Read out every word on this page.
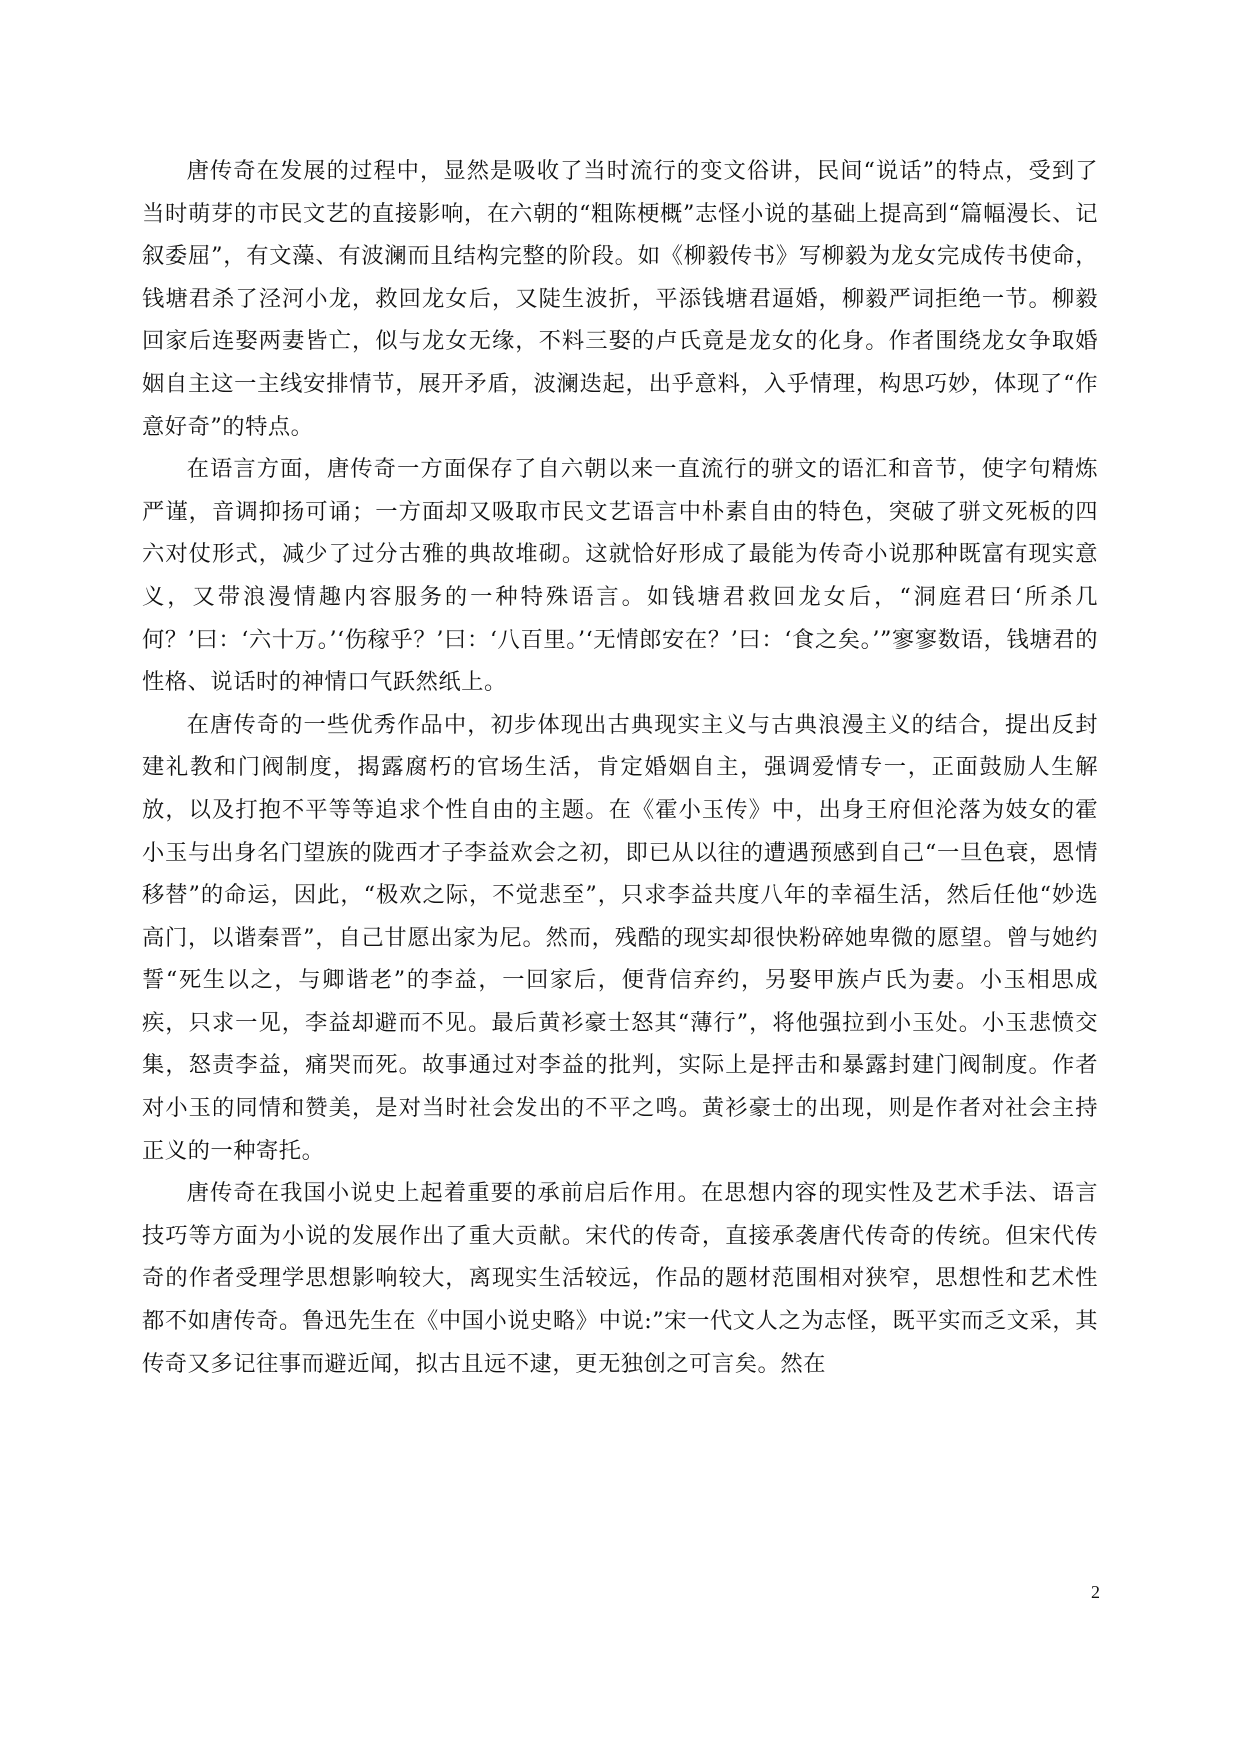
唐传奇在发展的过程中，显然是吸收了当时流行的变文俗讲，民间“说话”的特点，受到了当时萌芽的市民文艺的直接影响，在六朝的“粗陈梗概”志怪小说的基础上提高到“篇幅漫长、记叙委屈”，有文藻、有波澜而且结构完整的阶段。如《柳毅传书》写柳毅为龙女完成传书使命，钱塘君杀了泾河小龙，救回龙女后，又陡生波折，平添钱塘君逼婚，柳毅严词拒绝一节。柳毅回家后连娶两妻皆亡，似与龙女无缘，不料三娶的卢氏竟是龙女的化身。作者围绕龙女争取婚姻自主这一主线安排情节，展开矛盾，波澜迭起，出乎意料，入乎情理，构思巧妙，体现了“作意好奇”的特点。

在语言方面，唐传奇一方面保存了自六朝以来一直流行的骈文的语汇和音节，使字句精炼严谨，音调抑扬可诵；一方面却又吸取市民文艺语言中朴素自由的特色，突破了骈文死板的四六对仗形式，减少了过分古雅的典故堆砌。这就恰好形成了最能为传奇小说那种既富有现实意义，又带浪漫情趣内容服务的一种特殊语言。如钱塘君救回龙女后，“洞庭君曰‘所杀几何？’曰：‘六十万。’‘伤稼乎？’曰：‘八百里。’‘无情郎安在？’曰：‘食之矣。’”寥寥数语，钱塘君的性格、说话时的神情口气跃然纸上。

在唐传奇的一些优秀作品中，初步体现出古典现实主义与古典浪漫主义的结合，提出反封建礼教和门阀制度，揭露腐朽的官场生活，肯定婚姻自主，强调爱情专一，正面鼓励人生解放，以及打抱不平等等追求个性自由的主题。在《霍小玉传》中，出身王府但沦落为妓女的霍小玉与出身名门望族的陇西才子李益欢会之初，即已从以往的遭遇预感到自己“一旦色衰，恩情移替”的命运，因此，“极欢之际，不觉悲至”，只求李益共度八年的幸福生活，然后任他“妙选高门，以谐秦晋”，自己甘愿出家为尼。然而，残酷的现实却很快粉碎她卑微的愿望。曾与她约誓“死生以之，与卿谐老”的李益，一回家后，便背信弃约，另娶甲族卢氏为妻。小玉相思成疾，只求一见，李益却避而不见。最后黄衫豪士怒其“薄行”，将他强拉到小玉处。小玉悲愤交集，怒责李益，痛哭而死。故事通过对李益的批判，实际上是抨击和暴露封建门阀制度。作者对小玉的同情和赞美，是对当时社会发出的不平之鸣。黄衫豪士的出现，则是作者对社会主持正义的一种寄托。

唐传奇在我国小说史上起着重要的承前启后作用。在思想内容的现实性及艺术手法、语言技巧等方面为小说的发展作出了重大贡献。宋代的传奇，直接承袭唐代传奇的传统。但宋代传奇的作者受理学思想影响较大，离现实生活较远，作品的题材范围相对狭窄，思想性和艺术性都不如唐传奇。鲁迅先生在《中国小说史略》中说:”宋一代文人之为志怪，既平实而乏文采，其传奇又多记往事而避近闻，拟古且远不逮，更无独创之可言矣。然在

2
